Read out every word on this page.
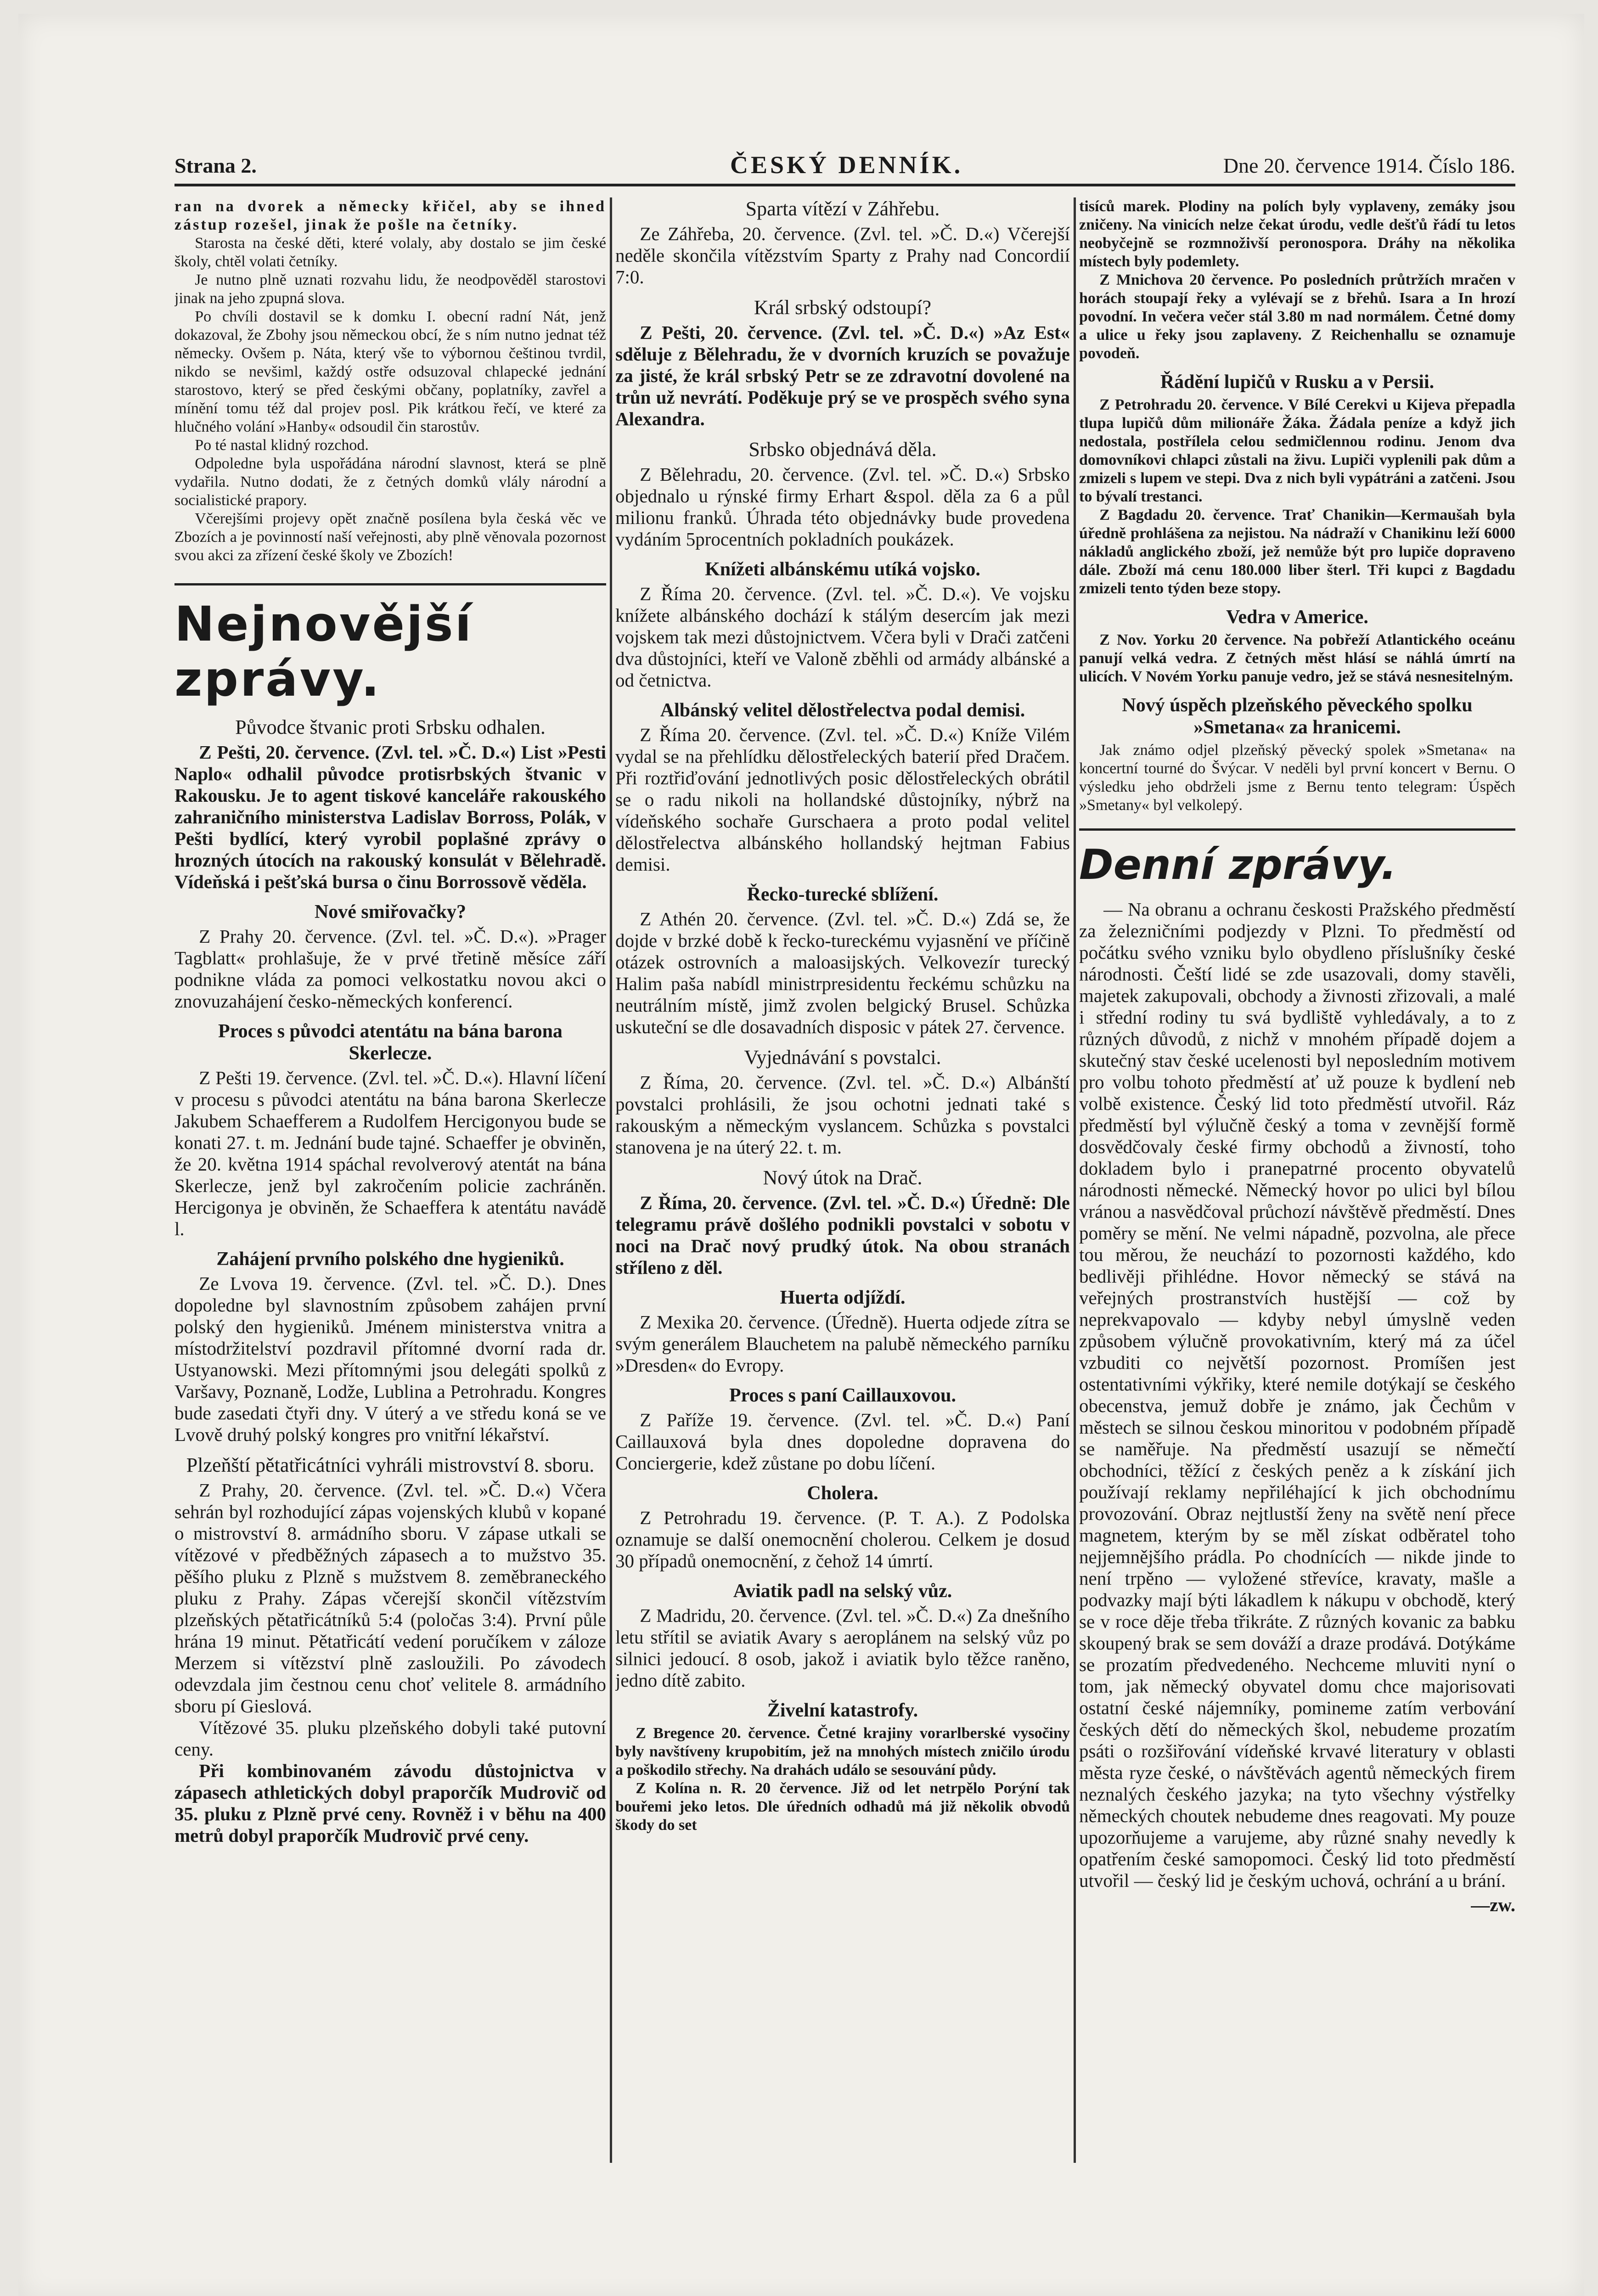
Strana 2.	ČESKÝ DENNÍK.	Dne 20. července 1914. Číslo 186.

ran na dvorek a německy křičel, aby se ihned zástup rozešel, jinak že pošle na četníky.

Starosta na české děti, které volaly, aby dostalo se jim české školy, chtěl volati četníky.

Je nutno plně uznati rozvahu lidu, že neodpověděl starostovi jinak na jeho zpupná slova.

Po chvíli dostavil se k domku I. obecní radní Nát, jenž dokazoval, že Zbohy jsou německou obcí, že s ním nutno jednat též německy. Ovšem p. Náta, který vše to výbornou češtinou tvrdil, nikdo se nevšiml, každý ostře odsuzoval chlapecké jednání starostovo, který se před českými občany, poplatníky, zavřel a mínění tomu též dal projev posl. Pik krátkou řečí, ve které za hlučného volání »Hanby« odsoudil čin starostův.

Po té nastal klidný rozchod.

Odpoledne byla uspořádána národní slavnost, která se plně vydařila. Nutno dodati, že z četných domků vlály národní a socialistické prapory.

Včerejšími projevy opět značně posílena byla česká věc ve Zbozích a je povinností naší veřejnosti, aby plně věnovala pozornost svou akci za zřízení české školy ve Zbozích!

Nejnovější zprávy.
Původce štvanic proti Srbsku odhalen.

Z Pešti, 20. července. (Zvl. tel. »Č. D.«) List »Pesti Naplo« odhalil původce protisrbských štvanic v Rakousku. Je to agent tiskové kanceláře rakouského zahraničního ministerstva Ladislav Borross, Polák, v Pešti bydlící, který vyrobil poplašné zprávy o hrozných útocích na rakouský konsulát v Bělehradě. Vídeňská i pešťská bursa o činu Borrossově věděla.

Nové smiřovačky?

Z Prahy 20. července. (Zvl. tel. »Č. D.«). »Prager Tagblatt« prohlašuje, že v prvé třetině měsíce září podnikne vláda za pomoci velkostatku novou akci o znovuzahájení česko-německých konferencí.

Proces s původci atentátu na bána barona Skerlecze.

Z Pešti 19. července. (Zvl. tel. »Č. D.«). Hlavní líčení v procesu s původci atentátu na bána barona Skerlecze Jakubem Schaefferem a Rudolfem Hercigonyou bude se konati 27. t. m. Jednání bude tajné. Schaeffer je obviněn, že 20. května 1914 spáchal revolverový atentát na bána Skerlecze, jenž byl zakročením policie zachráněn. Hercigonya je obviněn, že Schaeffera k atentátu navádě l.

Zahájení prvního polského dne hygieniků.

Ze Lvova 19. července. (Zvl. tel. »Č. D.). Dnes dopoledne byl slavnostním způsobem zahájen první polský den hygieniků. Jménem ministerstva vnitra a místodržitelství pozdravil přítomné dvorní rada dr. Ustyanowski. Mezi přítomnými jsou delegáti spolků z Varšavy, Poznaně, Lodže, Lublina a Petrohradu. Kongres bude zasedati čtyři dny. V úterý a ve středu koná se ve Lvově druhý polský kongres pro vnitřní lékařství.

Plzeňští pětatřicátníci vyhráli mistrovství 8. sboru.

Z Prahy, 20. července. (Zvl. tel. »Č. D.«) Včera sehrán byl rozhodující zápas vojenských klubů v kopané o mistrovství 8. armádního sboru. V zápase utkali se vítězové v předběžných zápasech a to mužstvo 35. pěšího pluku z Plzně s mužstvem 8. zeměbraneckého pluku z Prahy. Zápas včerejší skončil vítězstvím plzeňských pětatřicátníků 5:4 (poločas 3:4). První půle hrána 19 minut. Pětatřicátí vedení poručíkem v záloze Merzem si vítězství plně zasloužili. Po závodech odevzdala jim čestnou cenu choť velitele 8. armádního sboru pí Gieslová.

Vítězové 35. pluku plzeňského dobyli také putovní ceny.

Při kombinovaném závodu důstojnictva v zápasech athletických dobyl praporčík Mudrovič od 35. pluku z Plzně prvé ceny. Rovněž i v běhu na 400 metrů dobyl praporčík Mudrovič prvé ceny.

Sparta vítězí v Záhřebu.

Ze Záhřeba, 20. července. (Zvl. tel. »Č. D.«) Včerejší neděle skončila vítězstvím Sparty z Prahy nad Concordií 7:0.

Král srbský odstoupí?

Z Pešti, 20. července. (Zvl. tel. »Č. D.«) »Az Est« sděluje z Bělehradu, že v dvorních kruzích se považuje za jisté, že král srbský Petr se ze zdravotní dovolené na trůn už nevrátí. Poděkuje prý se ve prospěch svého syna Alexandra.

Srbsko objednává děla.

Z Bělehradu, 20. července. (Zvl. tel. »Č. D.«) Srbsko objednalo u rýnské firmy Erhart &spol. děla za 6 a půl milionu franků. Úhrada této objednávky bude provedena vydáním 5procentních pokladních poukázek.

Knížeti albánskému utíká vojsko.

Z Říma 20. července. (Zvl. tel. »Č. D.«). Ve vojsku knížete albánského dochází k stálým desercím jak mezi vojskem tak mezi důstojnictvem. Včera byli v Drači zatčeni dva důstojníci, kteří ve Valoně zběhli od armády albánské a od četnictva.

Albánský velitel dělostřelectva podal demisi.

Z Říma 20. července. (Zvl. tel. »Č. D.«) Kníže Vilém vydal se na přehlídku dělostřeleckých baterií před Dračem. Při roztřiďování jednotlivých posic dělostřeleckých obrátil se o radu nikoli na hollandské důstojníky, nýbrž na vídeňského sochaře Gurschaera a proto podal velitel dělostřelectva albánského hollandský hejtman Fabius demisi.

Řecko-turecké sblížení.

Z Athén 20. července. (Zvl. tel. »Č. D.«) Zdá se, že dojde v brzké době k řecko-tureckému vyjasnění ve příčině otázek ostrovních a maloasijských. Velkovezír turecký Halim paša nabídl ministrpresidentu řeckému schůzku na neutrálním místě, jimž zvolen belgický Brusel. Schůzka uskuteční se dle dosavadních disposic v pátek 27. července.

Vyjednávání s povstalci.

Z Říma, 20. července. (Zvl. tel. »Č. D.«) Albánští povstalci prohlásili, že jsou ochotni jednati také s rakouským a německým vyslancem. Schůzka s povstalci stanovena je na úterý 22. t. m.

Nový útok na Drač.

Z Říma, 20. července. (Zvl. tel. »Č. D.«) Úředně: Dle telegramu právě došlého podnikli povstalci v sobotu v noci na Drač nový prudký útok. Na obou stranách stříleno z děl.

Huerta odjíždí.

Z Mexika 20. července. (Úředně). Huerta odjede zítra se svým generálem Blauchetem na palubě německého parníku »Dresden« do Evropy.

Proces s paní Caillauxovou.

Z Paříže 19. července. (Zvl. tel. »Č. D.«) Paní Caillauxová byla dnes dopoledne dopravena do Conciergerie, kdež zůstane po dobu líčení.

Cholera.

Z Petrohradu 19. července. (P. T. A.). Z Podolska oznamuje se další onemocnění cholerou. Celkem je dosud 30 případů onemocnění, z čehož 14 úmrtí.

Aviatik padl na selský vůz.

Z Madridu, 20. července. (Zvl. tel. »Č. D.«) Za dnešního letu střítil se aviatik Avary s aeroplánem na selský vůz po silnici jedoucí. 8 osob, jakož i aviatik bylo těžce raněno, jedno dítě zabito.

Živelní katastrofy.

Z Bregence 20. července. Četné krajiny vorarlberské vysočiny byly navštíveny krupobitím, jež na mnohých místech zničilo úrodu a poškodilo střechy. Na drahách událo se sesouvání půdy.

Z Kolína n. R. 20 července. Již od let netrpělo Porýní tak bouřemi jeko letos. Dle úředních odhadů má již několik obvodů škody do set

tisíců marek. Plodiny na polích byly vyplaveny, zemáky jsou zničeny. Na vinicích nelze čekat úrodu, vedle dešťů řádí tu letos neobyčejně se rozmnoživší peronospora. Dráhy na několika místech byly podemlety.

Z Mnichova 20 července. Po posledních průtržích mračen v horách stoupají řeky a vylévají se z břehů. Isara a In hrozí povodní. In večera večer stál 3.80 m nad normálem. Četné domy a ulice u řeky jsou zaplaveny. Z Reichenhallu se oznamuje povodeň.

Řádění lupičů v Rusku a v Persii.

Z Petrohradu 20. července. V Bílé Cerekvi u Kijeva přepadla tlupa lupičů dům milionáře Žáka. Žádala peníze a když jich nedostala, postřílela celou sedmičlennou rodinu. Jenom dva domovníkovi chlapci zůstali na živu. Lupiči vyplenili pak dům a zmizeli s lupem ve stepi. Dva z nich byli vypátráni a zatčeni. Jsou to bývalí trestanci.

Z Bagdadu 20. července. Trať Chanikin—Kermaušah byla úředně prohlášena za nejistou. Na nádraží v Chanikinu leží 6000 nákladů anglického zboží, jež nemůže být pro lupiče dopraveno dále. Zboží má cenu 180.000 liber šterl. Tři kupci z Bagdadu zmizeli tento týden beze stopy.

Vedra v Americe.

Z Nov. Yorku 20 července. Na pobřeží Atlantického oceánu panují velká vedra. Z četných měst hlásí se náhlá úmrtí na ulicích. V Novém Yorku panuje vedro, jež se stává nesnesitelným.

Nový úspěch plzeňského pěveckého spolku »Smetana« za hranicemi.

Jak známo odjel plzeňský pěvecký spolek »Smetana« na koncertní tourné do Švýcar. V neděli byl první koncert v Bernu. O výsledku jeho obdrželi jsme z Bernu tento telegram: Úspěch »Smetany« byl velkolepý.

Denní zprávy.

— Na obranu a ochranu českosti Pražského předměstí za železničními podjezdy v Plzni. To předměstí od počátku svého vzniku bylo obydleno příslušníky české národnosti. Čeští lidé se zde usazovali, domy stavěli, majetek zakupovali, obchody a živnosti zřizovali, a malé i střední rodiny tu svá bydliště vyhledávaly, a to z různých důvodů, z nichž v mnohém případě dojem a skutečný stav české ucelenosti byl neposledním motivem pro volbu tohoto předměstí ať už pouze k bydlení neb volbě existence. Český lid toto předměstí utvořil. Ráz předměstí byl výlučně český a toma v zevnější formě dosvědčovaly české firmy obchodů a živností, toho dokladem bylo i pranepatrné procento obyvatelů národnosti německé. Německý hovor po ulici byl bílou vránou a nasvědčoval průchozí návštěvě předměstí. Dnes poměry se mění. Ne velmi nápadně, pozvolna, ale přece tou měrou, že neuchází to pozornosti každého, kdo bedlivěji přihlédne. Hovor německý se stává na veřejných prostranstvích hustější — což by neprekvapovalo — kdyby nebyl úmyslně veden způsobem výlučně provokativním, který má za účel vzbuditi co největší pozornost. Promíšen jest ostentativními výkřiky, které nemile dotýkají se českého obecenstva, jemuž dobře je známo, jak Čechům v městech se silnou českou minoritou v podobném případě se naměřuje. Na předměstí usazují se němečtí obchodníci, těžící z českých peněz a k získání jich používají reklamy nepřiléhající k jich obchodnímu provozování. Obraz nejtlustší ženy na světě není přece magnetem, kterým by se měl získat odběratel toho nejjemnějšího prádla. Po chodnících — nikde jinde to není trpěno — vyložené střevíce, kravaty, mašle a podvazky mají býti lákadlem k nákupu v obchodě, který se v roce děje třeba třikráte. Z různých kovanic za babku skoupený brak se sem dováží a draze prodává. Dotýkáme se prozatím předvedeného. Nechceme mluviti nyní o tom, jak německý obyvatel domu chce majorisovati ostatní české nájemníky, pomineme zatím verbování českých dětí do německých škol, nebudeme prozatím psáti o rozšiřování vídeňské krvavé literatury v oblasti města ryze české, o návštěvách agentů německých firem neznalých českého jazyka; na tyto všechny výstřelky německých choutek nebudeme dnes reagovati. My pouze upozorňujeme a varujeme, aby různé snahy nevedly k opatřením české samopomoci. Český lid toto předměstí utvořil — český lid je českým uchová, ochrání a u brání.

—zw.
